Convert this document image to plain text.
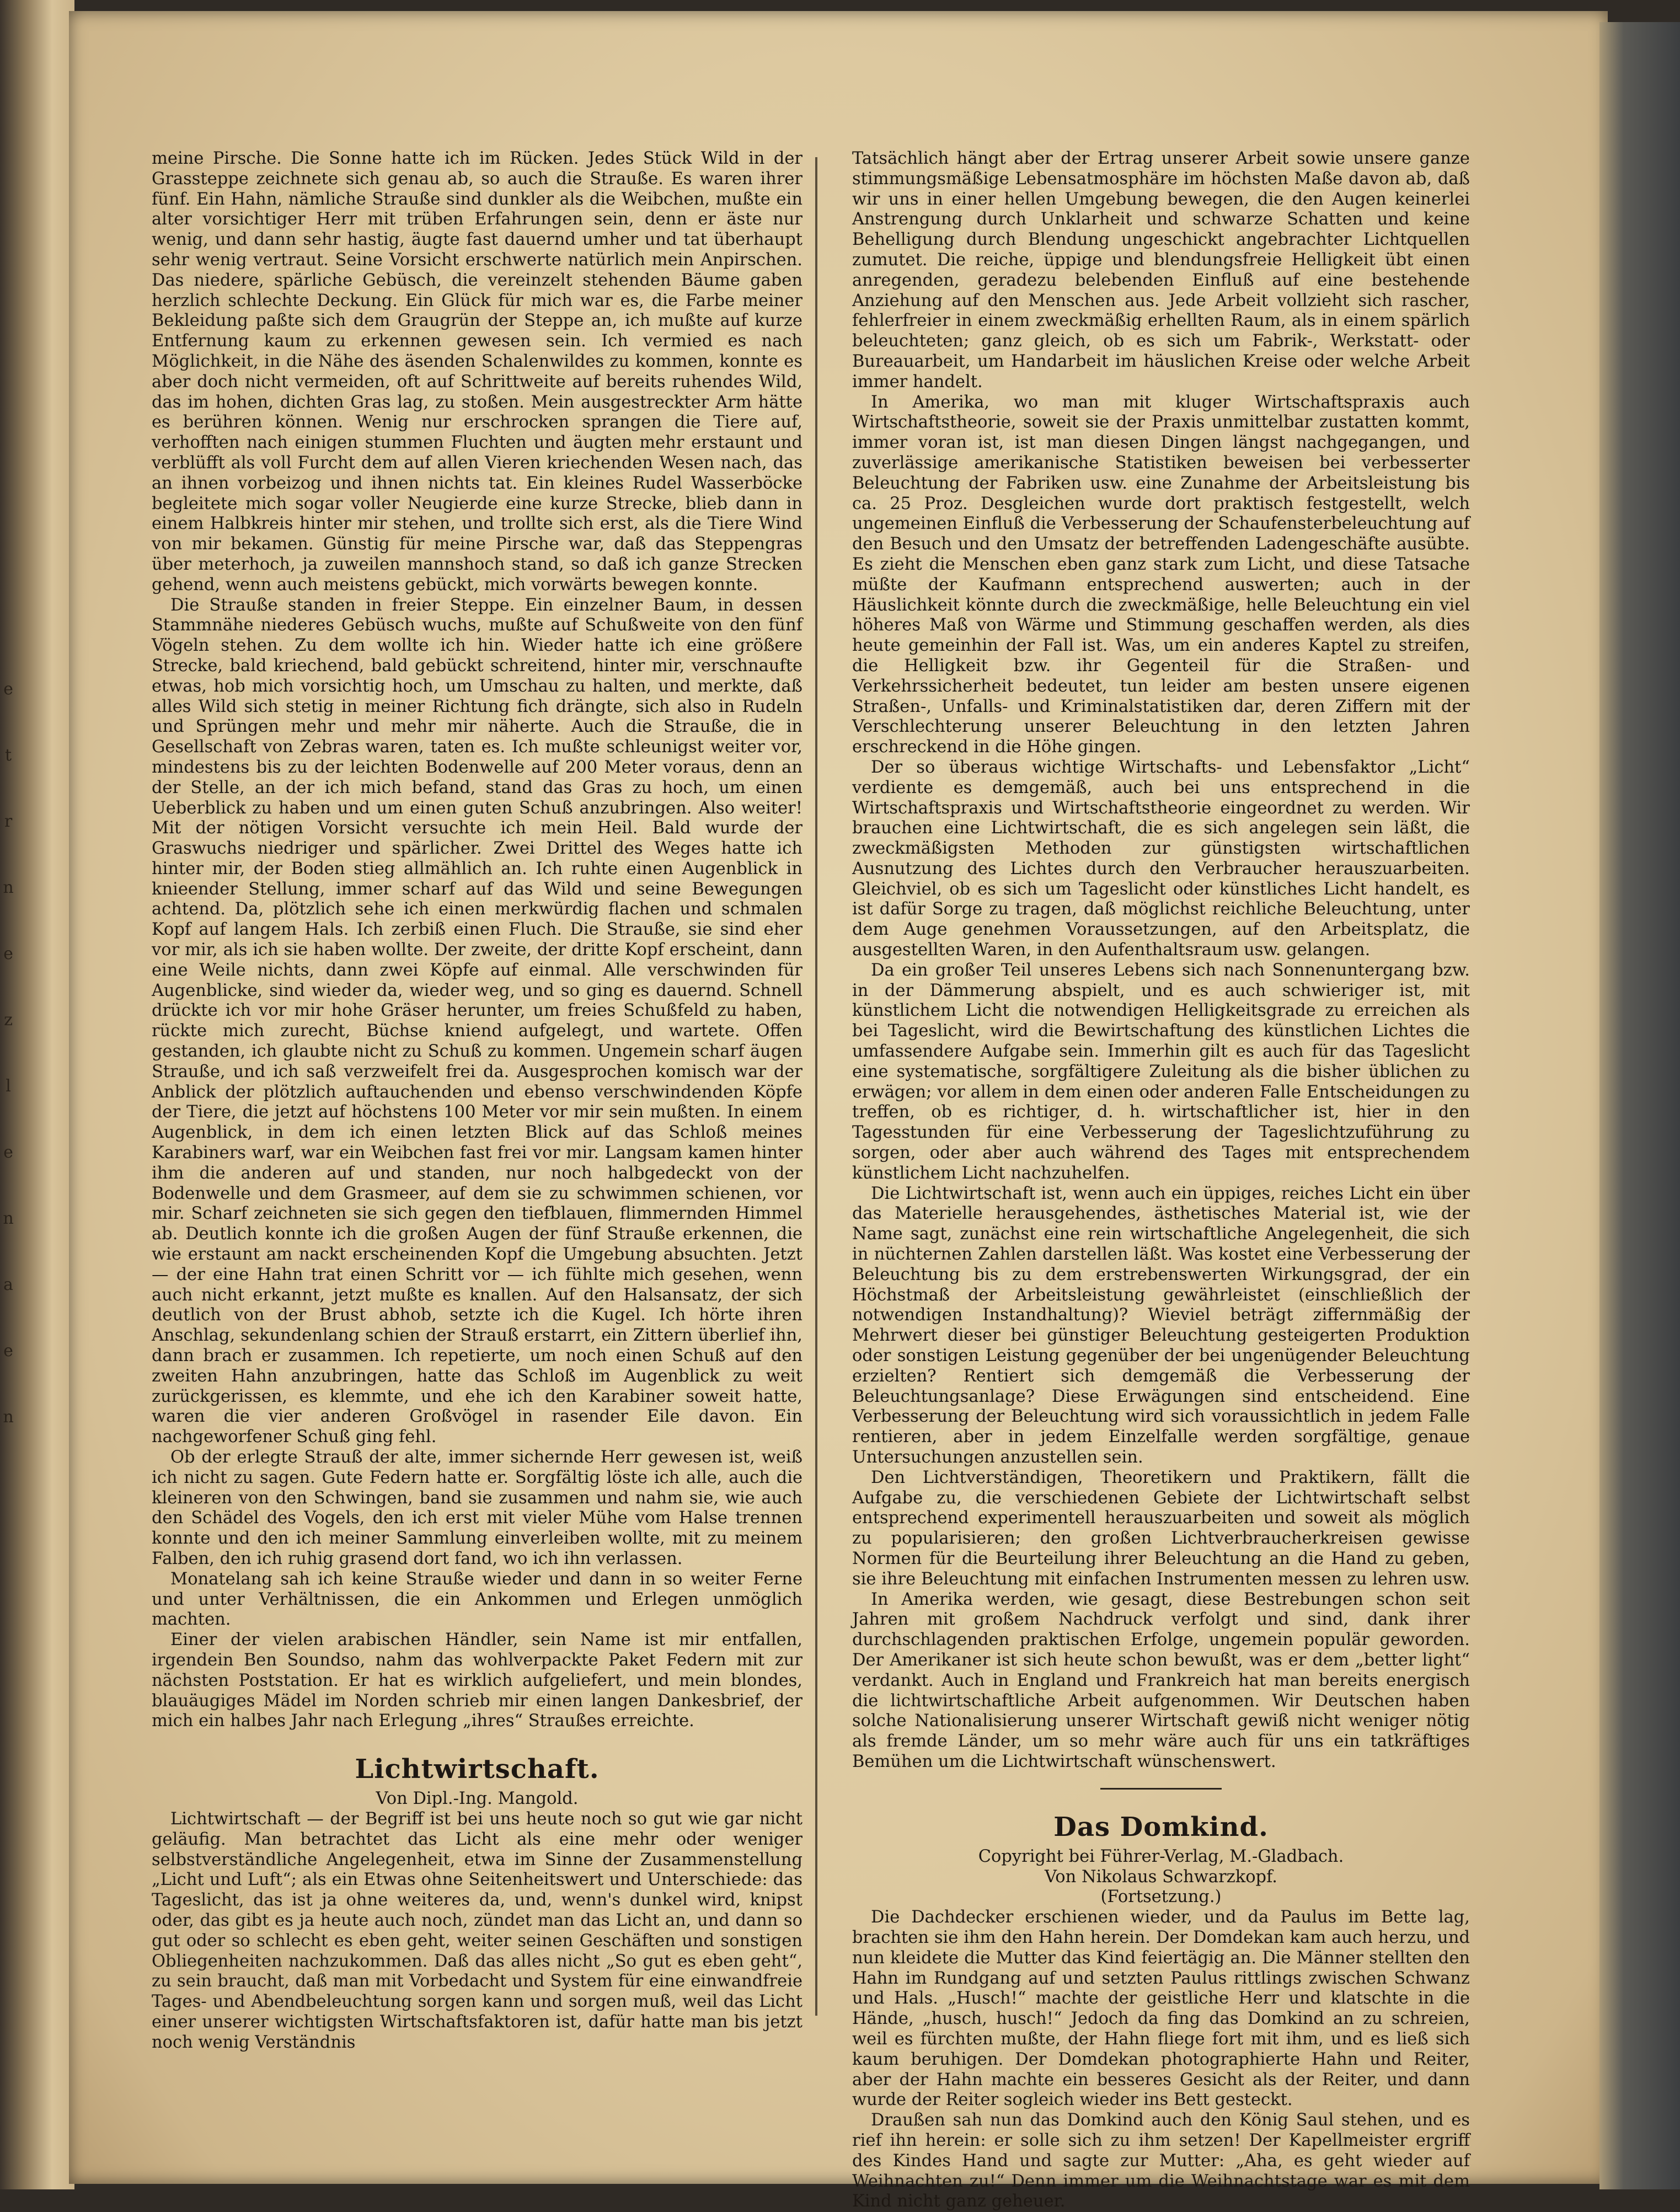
e
t
r
n
e
z
l
e
n
a
e
n

meine Pirsche. Die Sonne hatte ich im Rücken. Jedes Stück Wild in der Grassteppe zeichnete sich genau ab, so auch die Strauße. Es waren ihrer fünf. Ein Hahn, nämliche Strauße sind dunkler als die Weibchen, mußte ein alter vorsichtiger Herr mit trüben Erfahrungen sein, denn er äste nur wenig, und dann sehr hastig, äugte fast dauernd umher und tat überhaupt sehr wenig vertraut. Seine Vorsicht erschwerte natürlich mein Anpirschen. Das niedere, spärliche Gebüsch, die vereinzelt stehenden Bäume gaben herzlich schlechte Deckung. Ein Glück für mich war es, die Farbe meiner Bekleidung paßte sich dem Graugrün der Steppe an, ich mußte auf kurze Entfernung kaum zu erkennen gewesen sein. Ich vermied es nach Möglichkeit, in die Nähe des äsenden Schalenwildes zu kommen, konnte es aber doch nicht vermeiden, oft auf Schrittweite auf bereits ruhendes Wild, das im hohen, dichten Gras lag, zu stoßen. Mein ausgestreckter Arm hätte es berühren können. Wenig nur erschrocken sprangen die Tiere auf, verhofften nach einigen stummen Fluchten und äugten mehr erstaunt und verblüfft als voll Furcht dem auf allen Vieren kriechenden Wesen nach, das an ihnen vorbeizog und ihnen nichts tat. Ein kleines Rudel Wasserböcke begleitete mich sogar voller Neugierde eine kurze Strecke, blieb dann in einem Halbkreis hinter mir stehen, und trollte sich erst, als die Tiere Wind von mir bekamen. Günstig für meine Pirsche war, daß das Steppengras über meterhoch, ja zuweilen mannshoch stand, so daß ich ganze Strecken gehend, wenn auch meistens gebückt, mich vorwärts bewegen konnte.

Die Strauße standen in freier Steppe. Ein einzelner Baum, in dessen Stammnähe niederes Gebüsch wuchs, mußte auf Schußweite von den fünf Vögeln stehen. Zu dem wollte ich hin. Wieder hatte ich eine größere Strecke, bald kriechend, bald gebückt schreitend, hinter mir, verschnaufte etwas, hob mich vorsichtig hoch, um Umschau zu halten, und merkte, daß alles Wild sich stetig in meiner Richtung fich drängte, sich also in Rudeln und Sprüngen mehr und mehr mir näherte. Auch die Strauße, die in Gesellschaft von Zebras waren, taten es. Ich mußte schleunigst weiter vor, mindestens bis zu der leichten Bodenwelle auf 200 Meter voraus, denn an der Stelle, an der ich mich befand, stand das Gras zu hoch, um einen Ueberblick zu haben und um einen guten Schuß anzubringen. Also weiter! Mit der nötigen Vorsicht versuchte ich mein Heil. Bald wurde der Graswuchs niedriger und spärlicher. Zwei Drittel des Weges hatte ich hinter mir, der Boden stieg allmählich an. Ich ruhte einen Augenblick in knieender Stellung, immer scharf auf das Wild und seine Bewegungen achtend. Da, plötzlich sehe ich einen merkwürdig flachen und schmalen Kopf auf langem Hals. Ich zerbiß einen Fluch. Die Strauße, sie sind eher vor mir, als ich sie haben wollte. Der zweite, der dritte Kopf erscheint, dann eine Weile nichts, dann zwei Köpfe auf einmal. Alle verschwinden für Augenblicke, sind wieder da, wieder weg, und so ging es dauernd. Schnell drückte ich vor mir hohe Gräser herunter, um freies Schußfeld zu haben, rückte mich zurecht, Büchse kniend aufgelegt, und wartete. Offen gestanden, ich glaubte nicht zu Schuß zu kommen. Ungemein scharf äugen Strauße, und ich saß verzweifelt frei da. Ausgesprochen komisch war der Anblick der plötzlich auftauchenden und ebenso verschwindenden Köpfe der Tiere, die jetzt auf höchstens 100 Meter vor mir sein mußten. In einem Augenblick, in dem ich einen letzten Blick auf das Schloß meines Karabiners warf, war ein Weibchen fast frei vor mir. Langsam kamen hinter ihm die anderen auf und standen, nur noch halbgedeckt von der Bodenwelle und dem Grasmeer, auf dem sie zu schwimmen schienen, vor mir. Scharf zeichneten sie sich gegen den tiefblauen, flimmernden Himmel ab. Deutlich konnte ich die großen Augen der fünf Strauße erkennen, die wie erstaunt am nackt erscheinenden Kopf die Umgebung absuchten. Jetzt — der eine Hahn trat einen Schritt vor — ich fühlte mich gesehen, wenn auch nicht erkannt, jetzt mußte es knallen. Auf den Halsansatz, der sich deutlich von der Brust abhob, setzte ich die Kugel. Ich hörte ihren Anschlag, sekundenlang schien der Strauß erstarrt, ein Zittern überlief ihn, dann brach er zusammen. Ich repetierte, um noch einen Schuß auf den zweiten Hahn anzubringen, hatte das Schloß im Augenblick zu weit zurückgerissen, es klemmte, und ehe ich den Karabiner soweit hatte, waren die vier anderen Großvögel in rasender Eile davon. Ein nachgeworfener Schuß ging fehl.

Ob der erlegte Strauß der alte, immer sichernde Herr gewesen ist, weiß ich nicht zu sagen. Gute Federn hatte er. Sorgfältig löste ich alle, auch die kleineren von den Schwingen, band sie zusammen und nahm sie, wie auch den Schädel des Vogels, den ich erst mit vieler Mühe vom Halse trennen konnte und den ich meiner Sammlung einverleiben wollte, mit zu meinem Falben, den ich ruhig grasend dort fand, wo ich ihn verlassen.

Monatelang sah ich keine Strauße wieder und dann in so weiter Ferne und unter Verhältnissen, die ein Ankommen und Erlegen unmöglich machten.

Einer der vielen arabischen Händler, sein Name ist mir entfallen, irgendein Ben Soundso, nahm das wohlverpackte Paket Federn mit zur nächsten Poststation. Er hat es wirklich aufgeliefert, und mein blondes, blauäugiges Mädel im Norden schrieb mir einen langen Dankesbrief, der mich ein halbes Jahr nach Erlegung „ihres“ Straußes erreichte.

Lichtwirtschaft.

Von Dipl.-Ing. Mangold.

Lichtwirtschaft — der Begriff ist bei uns heute noch so gut wie gar nicht geläufig. Man betrachtet das Licht als eine mehr oder weniger selbstverständliche Angelegenheit, etwa im Sinne der Zusammenstellung „Licht und Luft“; als ein Etwas ohne Seitenheitswert und Unterschiede: das Tageslicht, das ist ja ohne weiteres da, und, wenn's dunkel wird, knipst oder, das gibt es ja heute auch noch, zündet man das Licht an, und dann so gut oder so schlecht es eben geht, weiter seinen Geschäften und sonstigen Obliegenheiten nachzukommen. Daß das alles nicht „So gut es eben geht“, zu sein braucht, daß man mit Vorbedacht und System für eine einwandfreie Tages- und Abendbeleuchtung sorgen kann und sorgen muß, weil das Licht einer unserer wichtigsten Wirtschaftsfaktoren ist, dafür hatte man bis jetzt noch wenig Verständnis

Tatsächlich hängt aber der Ertrag unserer Arbeit sowie unsere ganze stimmungsmäßige Lebensatmosphäre im höchsten Maße davon ab, daß wir uns in einer hellen Umgebung bewegen, die den Augen keinerlei Anstrengung durch Unklarheit und schwarze Schatten und keine Behelligung durch Blendung ungeschickt angebrachter Lichtquellen zumutet. Die reiche, üppige und blendungsfreie Helligkeit übt einen anregenden, geradezu belebenden Einfluß auf eine bestehende Anziehung auf den Menschen aus. Jede Arbeit vollzieht sich rascher, fehlerfreier in einem zweckmäßig erhellten Raum, als in einem spärlich beleuchteten; ganz gleich, ob es sich um Fabrik-, Werkstatt- oder Bureauarbeit, um Handarbeit im häuslichen Kreise oder welche Arbeit immer handelt.

In Amerika, wo man mit kluger Wirtschaftspraxis auch Wirtschaftstheorie, soweit sie der Praxis unmittelbar zustatten kommt, immer voran ist, ist man diesen Dingen längst nachgegangen, und zuverlässige amerikanische Statistiken beweisen bei verbesserter Beleuchtung der Fabriken usw. eine Zunahme der Arbeitsleistung bis ca. 25 Proz. Desgleichen wurde dort praktisch festgestellt, welch ungemeinen Einfluß die Verbesserung der Schaufensterbeleuchtung auf den Besuch und den Umsatz der betreffenden Ladengeschäfte ausübte. Es zieht die Menschen eben ganz stark zum Licht, und diese Tatsache müßte der Kaufmann entsprechend auswerten; auch in der Häuslichkeit könnte durch die zweckmäßige, helle Beleuchtung ein viel höheres Maß von Wärme und Stimmung geschaffen werden, als dies heute gemeinhin der Fall ist. Was, um ein anderes Kaptel zu streifen, die Helligkeit bzw. ihr Gegenteil für die Straßen- und Verkehrssicherheit bedeutet, tun leider am besten unsere eigenen Straßen-, Unfalls- und Kriminalstatistiken dar, deren Ziffern mit der Verschlechterung unserer Beleuchtung in den letzten Jahren erschreckend in die Höhe gingen.

Der so überaus wichtige Wirtschafts- und Lebensfaktor „Licht“ verdiente es demgemäß, auch bei uns entsprechend in die Wirtschaftspraxis und Wirtschaftstheorie eingeordnet zu werden. Wir brauchen eine Lichtwirtschaft, die es sich angelegen sein läßt, die zweckmäßigsten Methoden zur günstigsten wirtschaftlichen Ausnutzung des Lichtes durch den Verbraucher herauszuarbeiten. Gleichviel, ob es sich um Tageslicht oder künstliches Licht handelt, es ist dafür Sorge zu tragen, daß möglichst reichliche Beleuchtung, unter dem Auge genehmen Voraussetzungen, auf den Arbeitsplatz, die ausgestellten Waren, in den Aufenthaltsraum usw. gelangen.

Da ein großer Teil unseres Lebens sich nach Sonnenuntergang bzw. in der Dämmerung abspielt, und es auch schwieriger ist, mit künstlichem Licht die notwendigen Helligkeitsgrade zu erreichen als bei Tageslicht, wird die Bewirtschaftung des künstlichen Lichtes die umfassendere Aufgabe sein. Immerhin gilt es auch für das Tageslicht eine systematische, sorgfältigere Zuleitung als die bisher üblichen zu erwägen; vor allem in dem einen oder anderen Falle Entscheidungen zu treffen, ob es richtiger, d. h. wirtschaftlicher ist, hier in den Tagesstunden für eine Verbesserung der Tageslichtzuführung zu sorgen, oder aber auch während des Tages mit entsprechendem künstlichem Licht nachzuhelfen.

Die Lichtwirtschaft ist, wenn auch ein üppiges, reiches Licht ein über das Materielle herausgehendes, ästhetisches Material ist, wie der Name sagt, zunächst eine rein wirtschaftliche Angelegenheit, die sich in nüchternen Zahlen darstellen läßt. Was kostet eine Verbesserung der Beleuchtung bis zu dem erstrebenswerten Wirkungsgrad, der ein Höchstmaß der Arbeitsleistung gewährleistet (einschließlich der notwendigen Instandhaltung)? Wieviel beträgt ziffernmäßig der Mehrwert dieser bei günstiger Beleuchtung gesteigerten Produktion oder sonstigen Leistung gegenüber der bei ungenügender Beleuchtung erzielten? Rentiert sich demgemäß die Verbesserung der Beleuchtungsanlage? Diese Erwägungen sind entscheidend. Eine Verbesserung der Beleuchtung wird sich voraussichtlich in jedem Falle rentieren, aber in jedem Einzelfalle werden sorgfältige, genaue Untersuchungen anzustellen sein.

Den Lichtverständigen, Theoretikern und Praktikern, fällt die Aufgabe zu, die verschiedenen Gebiete der Lichtwirtschaft selbst entsprechend experimentell herauszuarbeiten und soweit als möglich zu popularisieren; den großen Lichtverbraucherkreisen gewisse Normen für die Beurteilung ihrer Beleuchtung an die Hand zu geben, sie ihre Beleuchtung mit einfachen Instrumenten messen zu lehren usw.

In Amerika werden, wie gesagt, diese Bestrebungen schon seit Jahren mit großem Nachdruck verfolgt und sind, dank ihrer durchschlagenden praktischen Erfolge, ungemein populär geworden. Der Amerikaner ist sich heute schon bewußt, was er dem „better light“ verdankt. Auch in England und Frankreich hat man bereits energisch die lichtwirtschaftliche Arbeit aufgenommen. Wir Deutschen haben solche Nationalisierung unserer Wirtschaft gewiß nicht weniger nötig als fremde Länder, um so mehr wäre auch für uns ein tatkräftiges Bemühen um die Lichtwirtschaft wünschenswert.

Das Domkind.

Copyright bei Führer-Verlag, M.-Gladbach.

Von Nikolaus Schwarzkopf.

(Fortsetzung.)

Die Dachdecker erschienen wieder, und da Paulus im Bette lag, brachten sie ihm den Hahn herein. Der Domdekan kam auch herzu, und nun kleidete die Mutter das Kind feiertägig an. Die Männer stellten den Hahn im Rundgang auf und setzten Paulus rittlings zwischen Schwanz und Hals. „Husch!“ machte der geistliche Herr und klatschte in die Hände, „husch, husch!“ Jedoch da fing das Domkind an zu schreien, weil es fürchten mußte, der Hahn fliege fort mit ihm, und es ließ sich kaum beruhigen. Der Domdekan photographierte Hahn und Reiter, aber der Hahn machte ein besseres Gesicht als der Reiter, und dann wurde der Reiter sogleich wieder ins Bett gesteckt.

Draußen sah nun das Domkind auch den König Saul stehen, und es rief ihn herein: er solle sich zu ihm setzen! Der Kapellmeister ergriff des Kindes Hand und sagte zur Mutter: „Aha, es geht wieder auf Weihnachten zu!“ Denn immer um die Weihnachtstage war es mit dem Kind nicht ganz geheuer.
